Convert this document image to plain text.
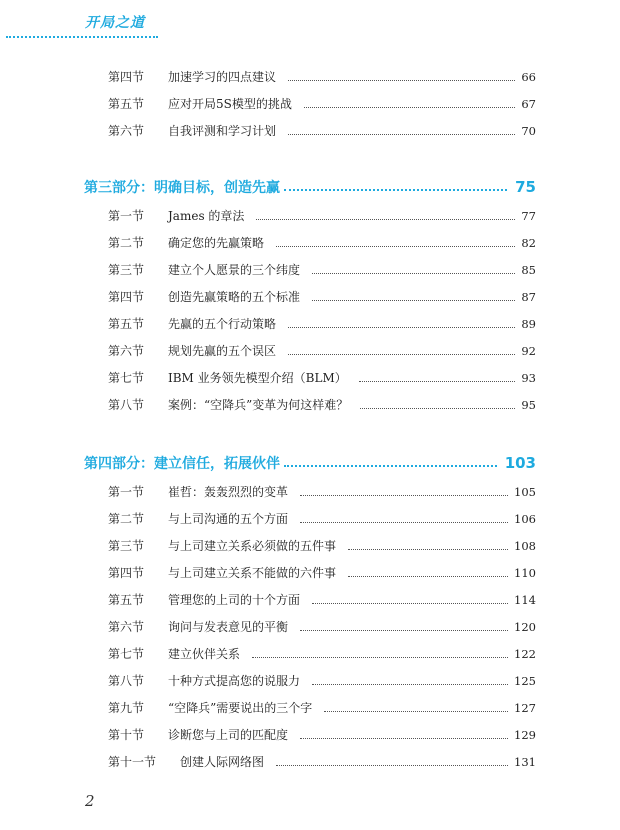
开局之道
第四节	加速学习的四点建议	66
第五节	应对开局5S模型的挑战	67
第六节	自我评测和学习计划	70
第三部分：明确目标，创造先赢	75
第一节	James 的章法	77
第二节	确定您的先赢策略	82
第三节	建立个人愿景的三个纬度	85
第四节	创造先赢策略的五个标准	87
第五节	先赢的五个行动策略	89
第六节	规划先赢的五个误区	92
第七节	IBM 业务领先模型介绍（BLM）	93
第八节	案例：“空降兵”变革为何这样难？	95
第四部分：建立信任，拓展伙伴	103
第一节	崔哲：轰轰烈烈的变革	105
第二节	与上司沟通的五个方面	106
第三节	与上司建立关系必须做的五件事	108
第四节	与上司建立关系不能做的六件事	110
第五节	管理您的上司的十个方面	114
第六节	询问与发表意见的平衡	120
第七节	建立伙伴关系	122
第八节	十种方式提高您的说服力	125
第九节	“空降兵”需要说出的三个字	127
第十节	诊断您与上司的匹配度	129
第十一节	创建人际网络图	131
2
